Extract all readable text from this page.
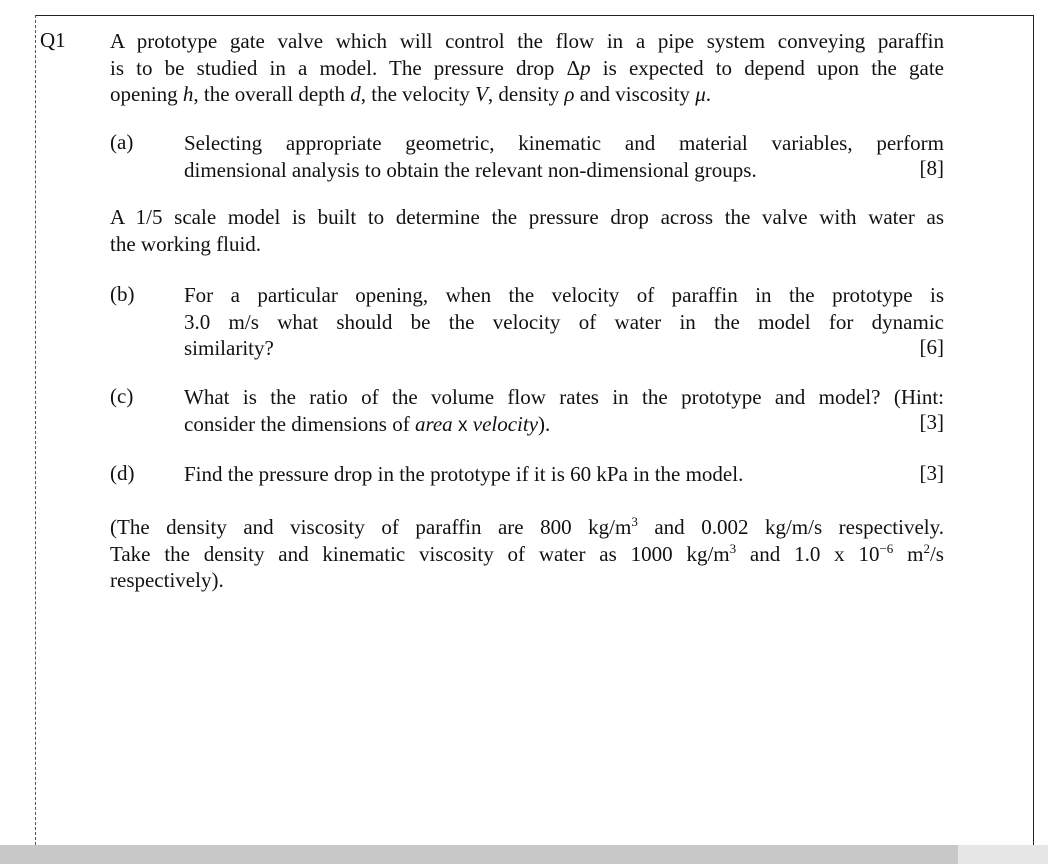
Q1 A prototype gate valve which will control the flow in a pipe system conveying paraffin
is to be studied in a model. The pressure drop Δp is expected to depend upon the gate
opening h, the overall depth d, the velocity V, density ρ and viscosity μ.
(a) Selecting appropriate geometric, kinematic and material variables, perform
dimensional analysis to obtain the relevant non-dimensional groups.	[8]
A 1/5 scale model is built to determine the pressure drop across the valve with water as
the working fluid.
(b) For a particular opening, when the velocity of paraffin in the prototype is
3.0 m/s what should be the velocity of water in the model for dynamic
similarity?	[6]
(c) What is the ratio of the volume flow rates in the prototype and model? (Hint:
consider the dimensions of area x velocity).	[3]
(d) Find the pressure drop in the prototype if it is 60 kPa in the model.	[3]
(The density and viscosity of paraffin are 800 $kg/m^3$ and 0.002 kg/m/s respectively.
Take the density and kinematic viscosity of water as 1000 $kg/m^3$ and 1.0 x $10^{-6}$ $m^2/s$
respectively).
